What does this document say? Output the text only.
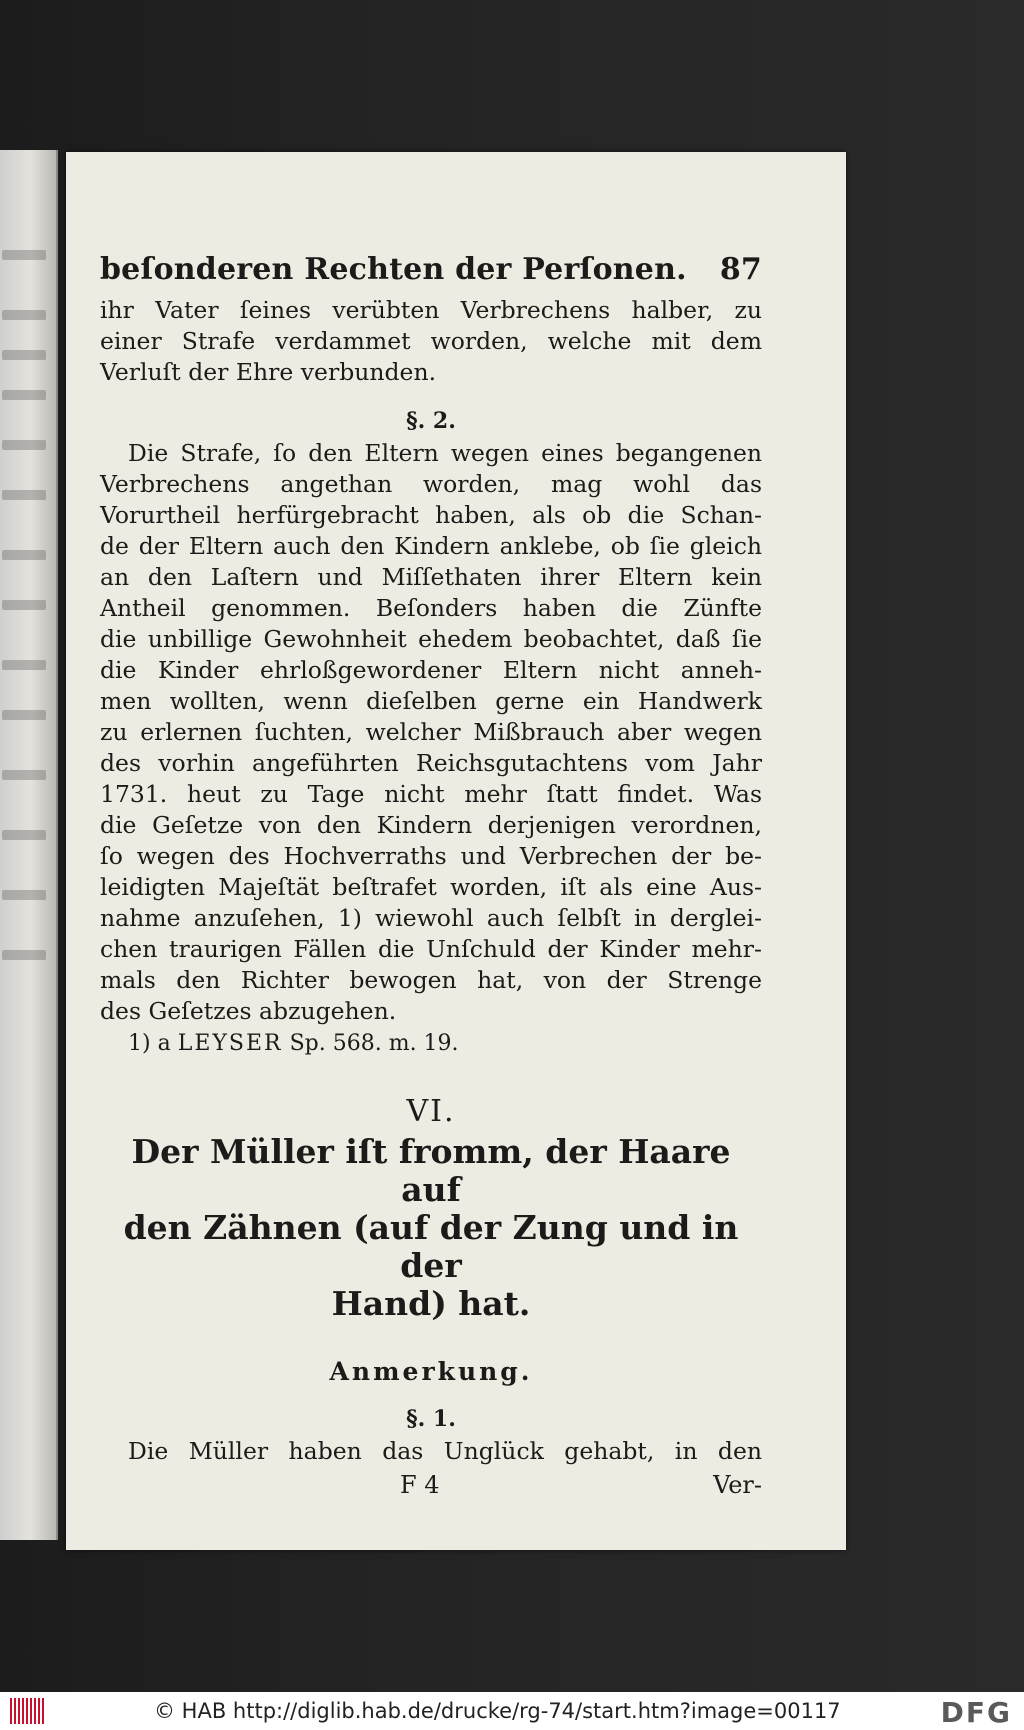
beſonderen Rechten der Perſonen. 87

ihr Vater ſeines verübten Verbrechens halber, zu
einer Strafe verdammet worden, welche mit dem
Verluſt der Ehre verbunden.

§. 2.

Die Strafe, ſo den Eltern wegen eines begangenen
Verbrechens angethan worden, mag wohl das
Vorurtheil herfürgebracht haben, als ob die Schan-
de der Eltern auch den Kindern anklebe, ob ſie gleich
an den Laſtern und Miſſethaten ihrer Eltern kein
Antheil genommen. Beſonders haben die Zünfte
die unbillige Gewohnheit ehedem beobachtet, daß ſie
die Kinder ehrloßgewordener Eltern nicht anneh-
men wollten, wenn dieſelben gerne ein Handwerk
zu erlernen ſuchten, welcher Mißbrauch aber wegen
des vorhin angeführten Reichsgutachtens vom Jahr
1731. heut zu Tage nicht mehr ſtatt findet. Was
die Geſetze von den Kindern derjenigen verordnen,
ſo wegen des Hochverraths und Verbrechen der be-
leidigten Majeſtät beſtrafet worden, iſt als eine Aus-
nahme anzuſehen, 1) wiewohl auch ſelbſt in derglei-
chen traurigen Fällen die Unſchuld der Kinder mehr-
mals den Richter bewogen hat, von der Strenge
des Geſetzes abzugehen.

1) a LEYSER Sp. 568. m. 19.
VI.
Der Müller iſt fromm, der Haare auf
den Zähnen (auf der Zung und in der
Hand) hat.
Anmerkung.
§. 1.

Die Müller haben das Unglück gehabt, in den

F 4	Ver-
© HAB http://diglib.hab.de/drucke/rg-74/start.htm?image=00117	DFG
